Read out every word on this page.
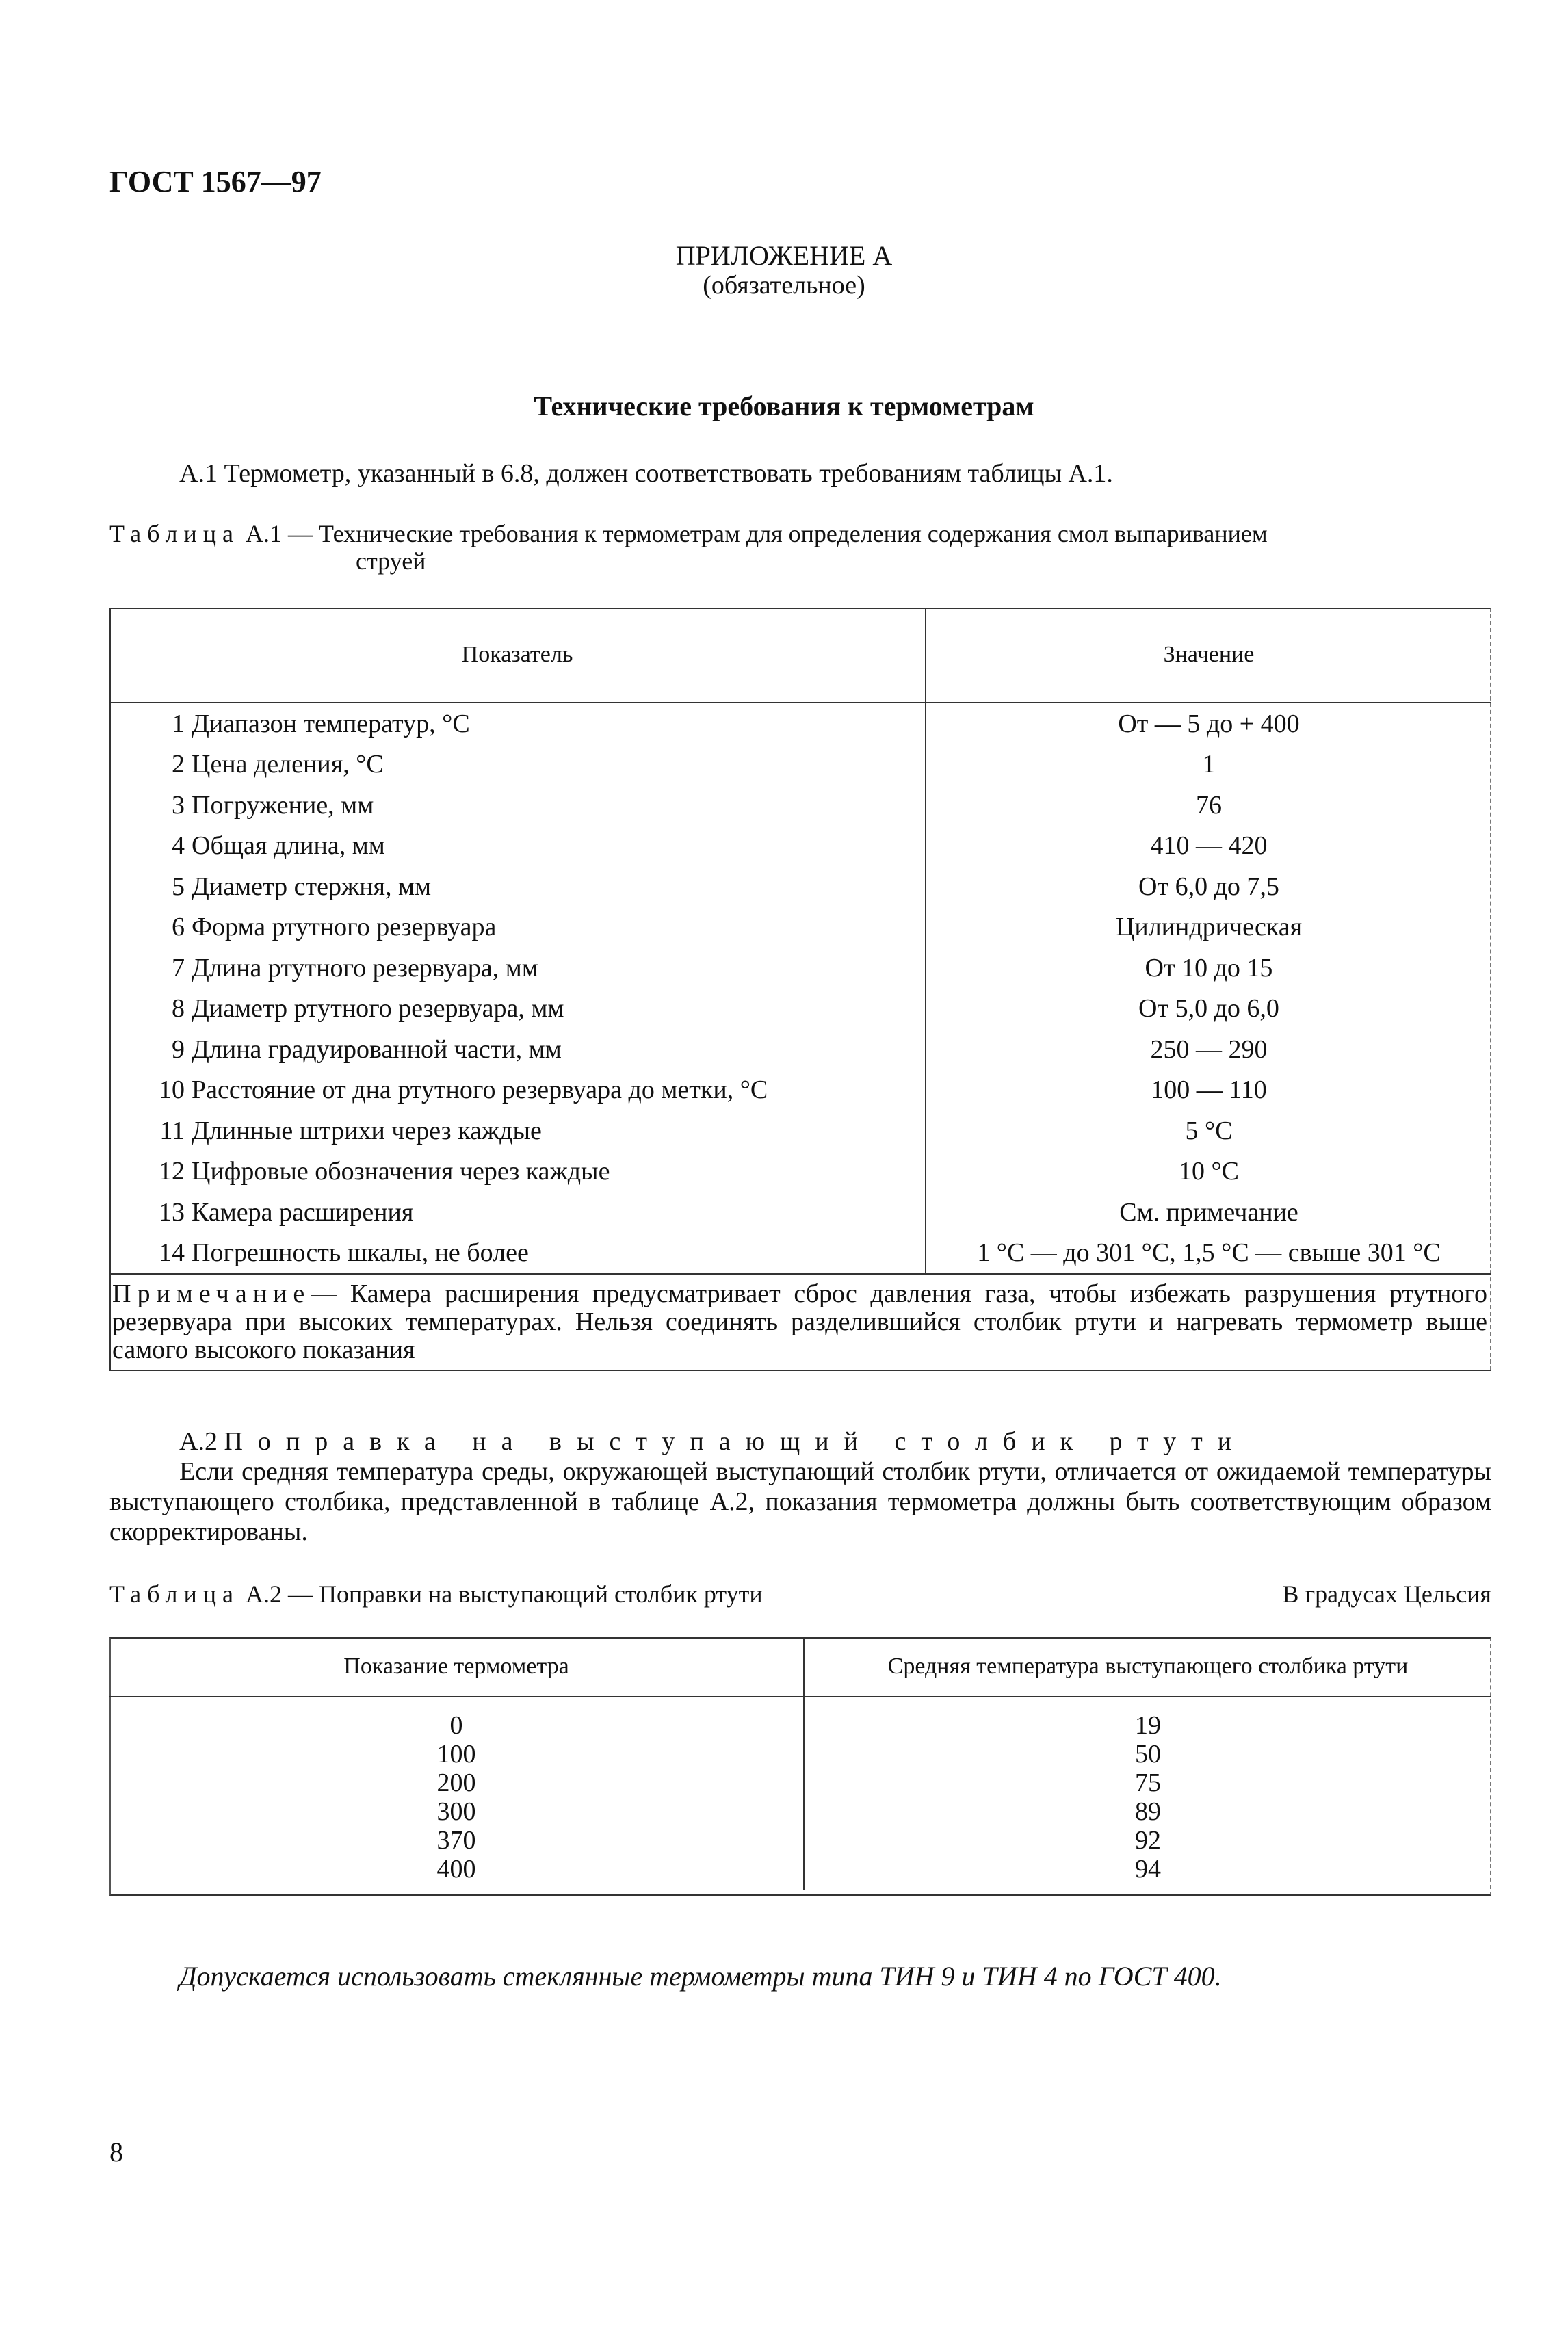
ГОСТ 1567—97
ПРИЛОЖЕНИЕ А
(обязательное)
Технические требования к термометрам
А.1 Термометр, указанный в 6.8, должен соответствовать требованиям таблицы А.1.
Таблица А.1 — Технические требования к термометрам для определения содержания смол выпариванием
струей
Показатель	Значение

1 Диапазон температур, °С	От — 5 до + 400

2 Цена деления, °С	1

3 Погружение, мм	76

4 Общая длина, мм	410 — 420

5 Диаметр стержня, мм	От 6,0 до 7,5

6 Форма ртутного резервуара	Цилиндрическая

7 Длина ртутного резервуара, мм	От 10 до 15

8 Диаметр ртутного резервуара, мм	От 5,0 до 6,0

9 Длина градуированной части, мм	250 — 290

10 Расстояние от дна ртутного резервуара до метки, °С	100 — 110

11 Длинные штрихи через каждые	5 °С

12 Цифровые обозначения через каждые	10 °С

13 Камера расширения	См. примечание

14 Погрешность шкалы, не более	1 °С — до 301 °С, 1,5 °С — свыше 301 °С
Примечание— Камера расширения предусматривает сброс давления газа, чтобы избежать разрушения ртутного резервуара при высоких температурах. Нельзя соединять разделившийся столбик ртути и нагревать термометр выше самого высокого показания	
А.2 Поправка на выступающий столбик ртути
Если средняя температура среды, окружающей выступающий столбик ртути, отличается от ожидаемой температуры выступающего столбика, представленной в таблице А.2, показания термометра должны быть соответствующим образом скорректированы.
Таблица А.2 — Поправки на выступающий столбик ртути	В градусах Цельсия
Показание термометра	Средняя температура выступающего столбика ртути
0	19
100	50
200	75
300	89
370	92
400	94
Допускается использовать стеклянные термометры типа ТИН 9 и ТИН 4 по ГОСТ 400.
8
